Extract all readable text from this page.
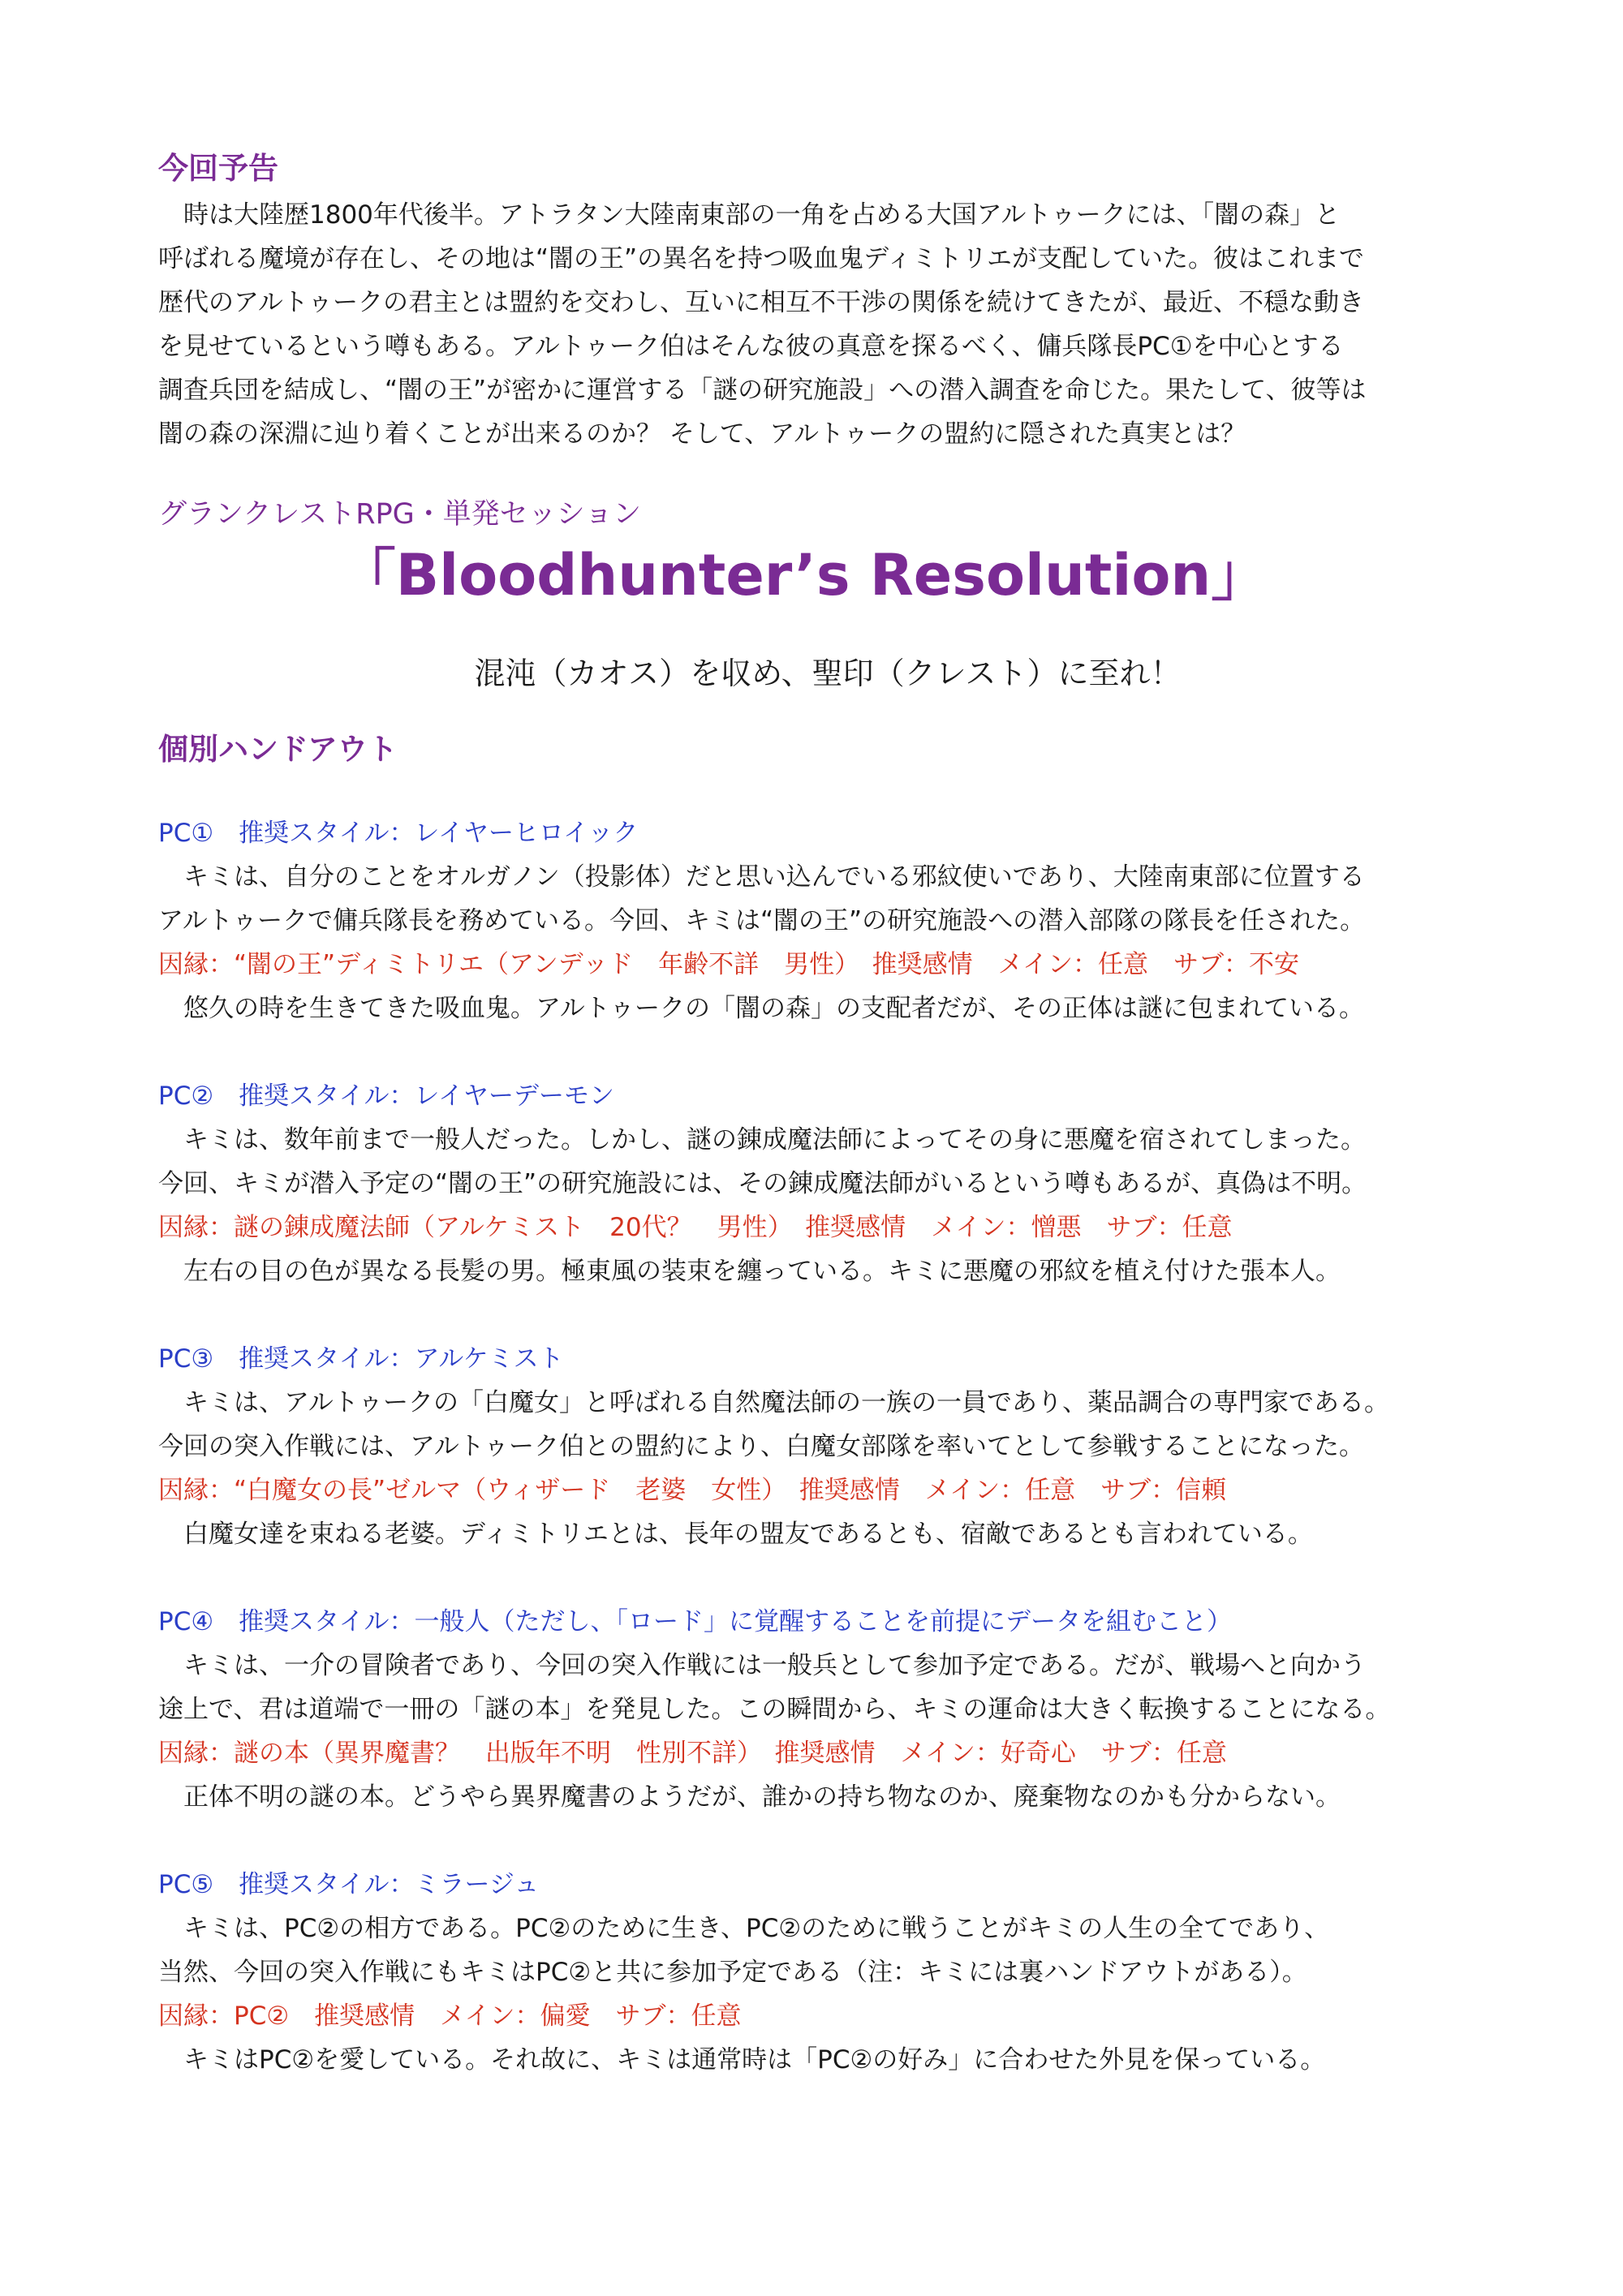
今回予告
時は大陸歴1800年代後半。アトラタン大陸南東部の一角を占める大国アルトゥークには、「闇の森」と
呼ばれる魔境が存在し、その地は“闇の王”の異名を持つ吸血鬼ディミトリエが支配していた。彼はこれまで
歴代のアルトゥークの君主とは盟約を交わし、互いに相互不干渉の関係を続けてきたが、最近、不穏な動き
を見せているという噂もある。アルトゥーク伯はそんな彼の真意を探るべく、傭兵隊長PC①を中心とする
調査兵団を結成し、“闇の王”が密かに運営する「謎の研究施設」への潜入調査を命じた。果たして、彼等は
闇の森の深淵に辿り着くことが出来るのか？ そして、アルトゥークの盟約に隠された真実とは？
グランクレストRPG・単発セッション
「Bloodhunter’s Resolution」
混沌（カオス）を収め、聖印（クレスト）に至れ！
個別ハンドアウト
PC①　推奨スタイル：レイヤーヒロイック
キミは、自分のことをオルガノン（投影体）だと思い込んでいる邪紋使いであり、大陸南東部に位置する
アルトゥークで傭兵隊長を務めている。今回、キミは“闇の王”の研究施設への潜入部隊の隊長を任された。
因縁：“闇の王”ディミトリエ（アンデッド　年齢不詳　男性）　推奨感情　メイン：任意　サブ：不安
悠久の時を生きてきた吸血鬼。アルトゥークの「闇の森」の支配者だが、その正体は謎に包まれている。
PC②　推奨スタイル：レイヤーデーモン
キミは、数年前まで一般人だった。しかし、謎の錬成魔法師によってその身に悪魔を宿されてしまった。
今回、キミが潜入予定の“闇の王”の研究施設には、その錬成魔法師がいるという噂もあるが、真偽は不明。
因縁：謎の錬成魔法師（アルケミスト　20代？　男性）　推奨感情　メイン：憎悪　サブ：任意
左右の目の色が異なる長髪の男。極東風の装束を纏っている。キミに悪魔の邪紋を植え付けた張本人。
PC③　推奨スタイル：アルケミスト
キミは、アルトゥークの「白魔女」と呼ばれる自然魔法師の一族の一員であり、薬品調合の専門家である。
今回の突入作戦には、アルトゥーク伯との盟約により、白魔女部隊を率いてとして参戦することになった。
因縁：“白魔女の長”ゼルマ（ウィザード　老婆　女性）　推奨感情　メイン：任意　サブ：信頼
白魔女達を束ねる老婆。ディミトリエとは、長年の盟友であるとも、宿敵であるとも言われている。
PC④　推奨スタイル：一般人（ただし、「ロード」に覚醒することを前提にデータを組むこと）
キミは、一介の冒険者であり、今回の突入作戦には一般兵として参加予定である。だが、戦場へと向かう
途上で、君は道端で一冊の「謎の本」を発見した。この瞬間から、キミの運命は大きく転換することになる。
因縁：謎の本（異界魔書？　出版年不明　性別不詳）　推奨感情　メイン：好奇心　サブ：任意
正体不明の謎の本。どうやら異界魔書のようだが、誰かの持ち物なのか、廃棄物なのかも分からない。
PC⑤　推奨スタイル：ミラージュ
キミは、PC②の相方である。PC②のために生き、PC②のために戦うことがキミの人生の全てであり、
当然、今回の突入作戦にもキミはPC②と共に参加予定である（注：キミには裏ハンドアウトがある）。
因縁：PC②　推奨感情　メイン：偏愛　サブ：任意
キミはPC②を愛している。それ故に、キミは通常時は「PC②の好み」に合わせた外見を保っている。
